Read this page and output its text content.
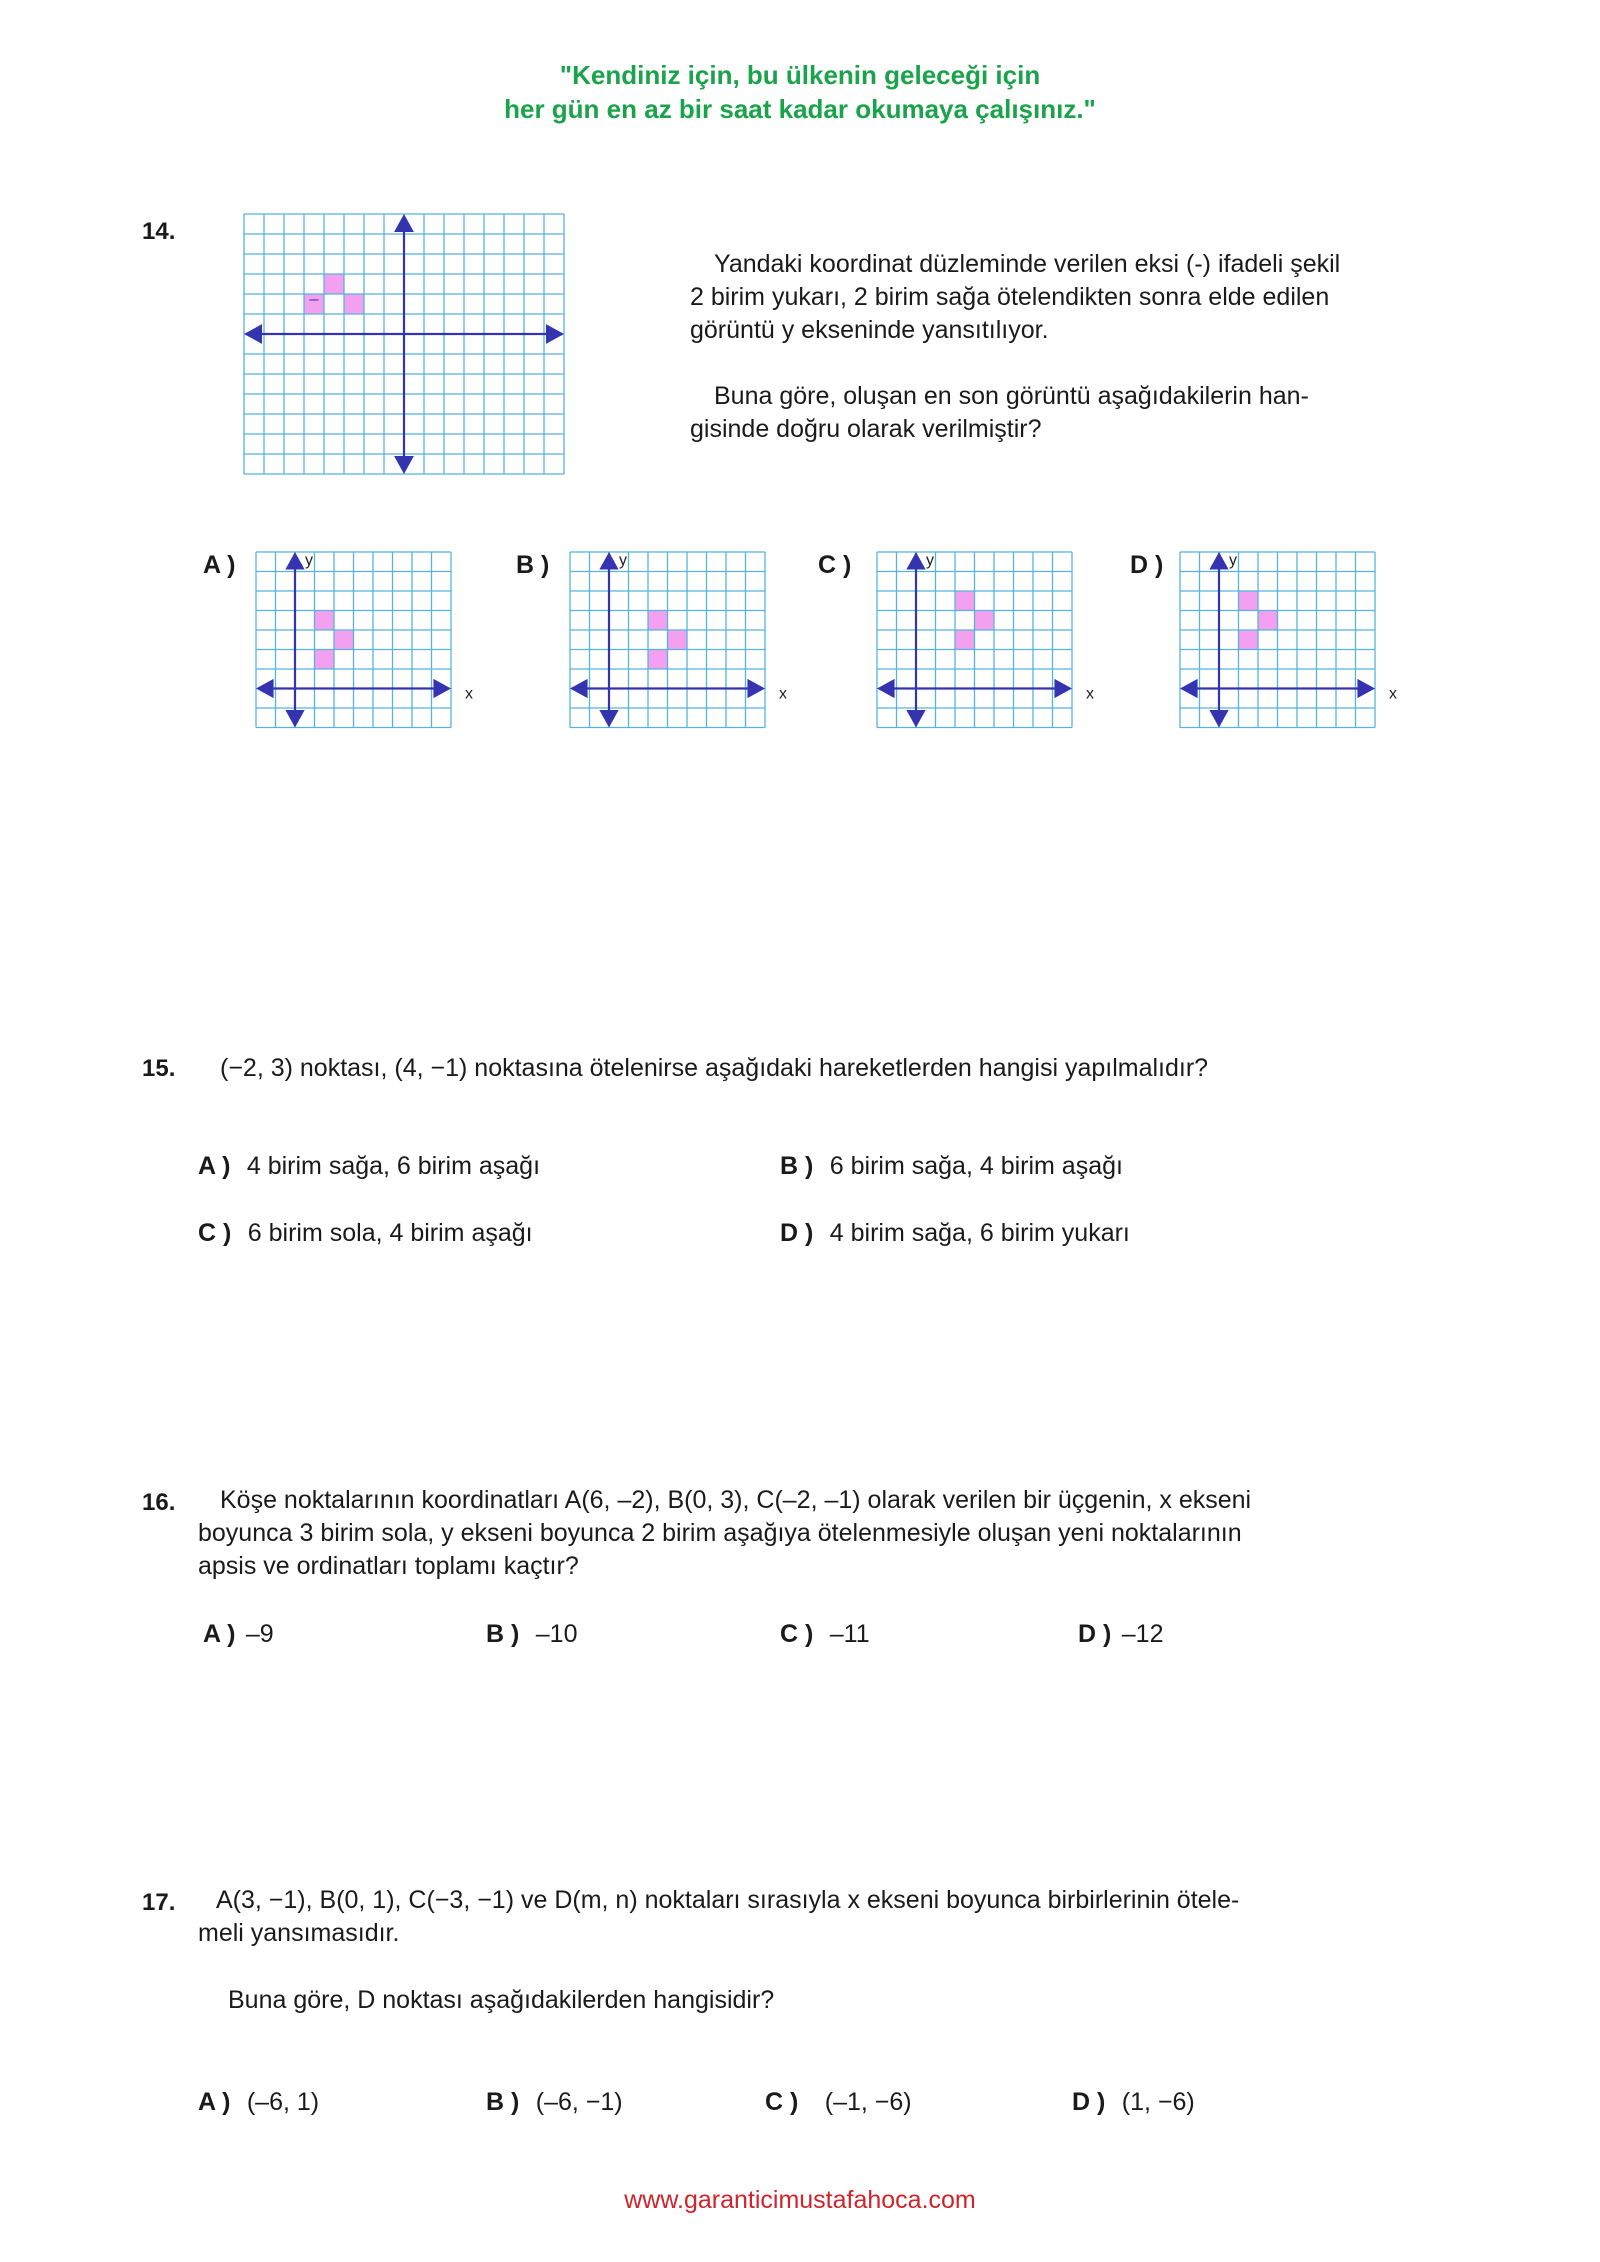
"Kendiniz için, bu ülkenin geleceği için
her gün en az bir saat kadar okumaya çalışınız."
14.
–
y
x
y
x
y
x
y
x
Yandaki koordinat düzleminde verilen eksi (-) ifadeli şekil
2 birim yukarı, 2 birim sağa ötelendikten sonra elde edilen
görüntü y ekseninde yansıtılıyor.
Buna göre, oluşan en son görüntü aşağıdakilerin han-
gisinde doğru olarak verilmiştir?
A )	B )	C )	D )
15. (−2, 3) noktası, (4, −1) noktasına ötelenirse aşağıdaki hareketlerden hangisi yapılmalıdır?
A ) 4 birim sağa, 6 birim aşağı	B ) 6 birim sağa, 4 birim aşağı
C ) 6 birim sola, 4 birim aşağı	D ) 4 birim sağa, 6 birim yukarı
16.	Köşe noktalarının koordinatları A(6, –2), B(0, 3), C(–2, –1) olarak verilen bir üçgenin, x ekseni
boyunca 3 birim sola, y ekseni boyunca 2 birim aşağıya ötelenmesiyle oluşan yeni noktalarının
apsis ve ordinatları toplamı kaçtır?
A ) –9	B ) –10	C ) –11	D ) –12
17.	A(3, −1), B(0, 1), C(−3, −1) ve D(m, n) noktaları sırasıyla x ekseni boyunca birbirlerinin ötele-
meli yansımasıdır.
Buna göre, D noktası aşağıdakilerden hangisidir?
A ) (–6, 1)	B ) (–6, −1)	C ) (–1, −6)	D ) (1, −6)
www.garanticimustafahoca.com
